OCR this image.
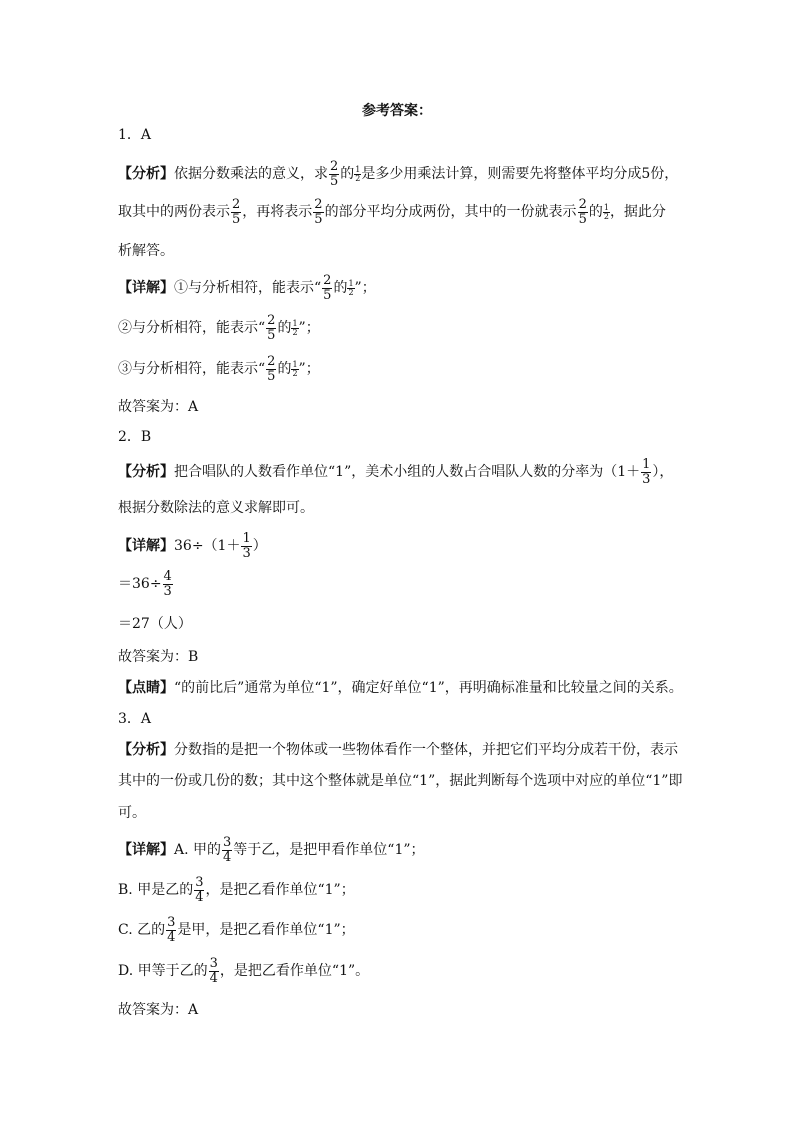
参考答案：
1．A
【分析】依据分数乘法的意义，求 $\frac{2}{5}$ 的 $\frac{1}{2}$ 是多少用乘法计算，则需要先将整体平均分成5份，
取其中的两份表示 $\frac{2}{5}$ ，再将表示 $\frac{2}{5}$ 的部分平均分成两份，其中的一份就表示 $\frac{2}{5}$ 的 $\frac{1}{2}$ ，据此分
析解答。
【详解】①与分析相符，能表示“ $\frac{2}{5}$ 的 $\frac{1}{2}$ ”；
②与分析相符，能表示“ $\frac{2}{5}$ 的 $\frac{1}{2}$ ”；
③与分析相符，能表示“ $\frac{2}{5}$ 的 $\frac{1}{2}$ ”；
故答案为：A
2．B
【分析】把合唱队的人数看作单位“1”，美术小组的人数占合唱队人数的分率为（$1+ \frac{1}{3}$ ），
根据分数除法的意义求解即可。
【详解】$36\div(1+ \frac{1}{3}$ ）
$=36\div \frac{4}{3}$
＝27（人）
故答案为：B
【点睛】“的前比后”通常为单位“1”，确定好单位“1”，再明确标准量和比较量之间的关系。
3．A
【分析】分数指的是把一个物体或一些物体看作一个整体，并把它们平均分成若干份，表示
其中的一份或几份的数；其中这个整体就是单位“1”，据此判断每个选项中对应的单位“1”即
可。
【详解】A. 甲的 $\frac{3}{4}$ 等于乙，是把甲看作单位“1”；
B. 甲是乙的 $\frac{3}{4}$ ，是把乙看作单位“1”；
C. 乙的 $\frac{3}{4}$ 是甲，是把乙看作单位“1”；
D. 甲等于乙的 $\frac{3}{4}$ ，是把乙看作单位“1”。
故答案为：A
